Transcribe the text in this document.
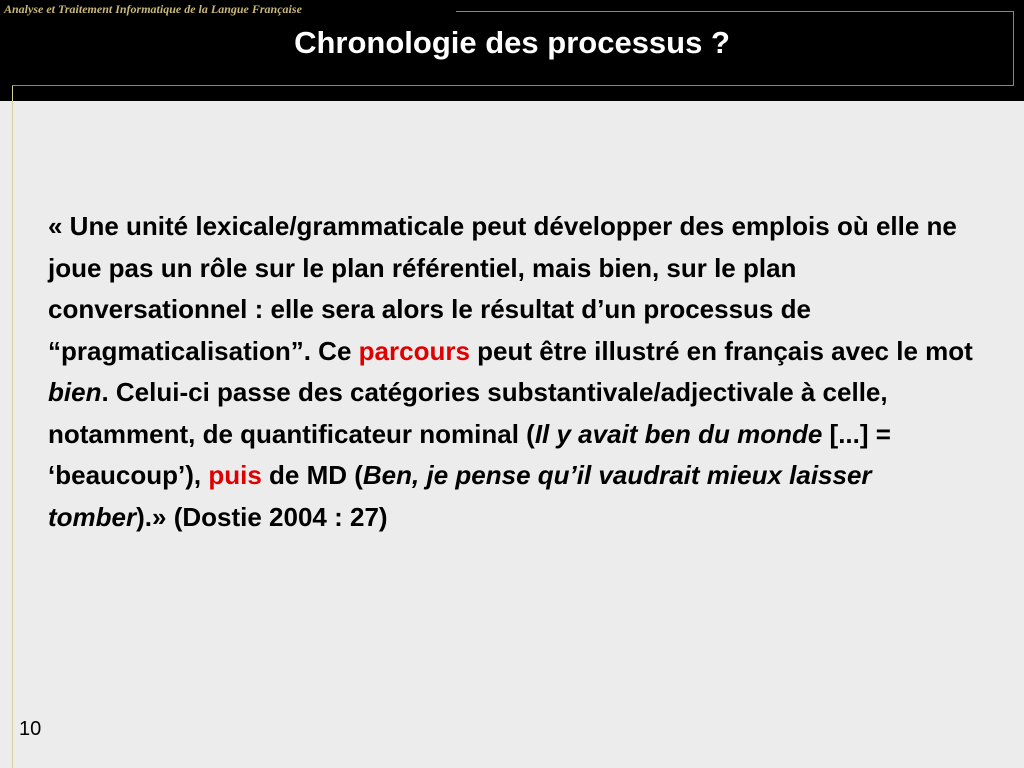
Analyse et Traitement Informatique de la Langue Française
Chronologie des processus ?
« Une unité lexicale/grammaticale peut développer des emplois où elle ne joue pas un rôle sur le plan référentiel, mais bien, sur le plan conversationnel : elle sera alors le résultat d’un processus de “pragmaticalisation”. Ce parcours peut être illustré en français avec le mot bien. Celui-ci passe des catégories substantivale/adjectivale à celle, notamment, de quantificateur nominal (Il y avait ben du monde [...] = ‘beaucoup’), puis de MD (Ben, je pense qu’il vaudrait mieux laisser tomber).» (Dostie 2004 : 27)
10
